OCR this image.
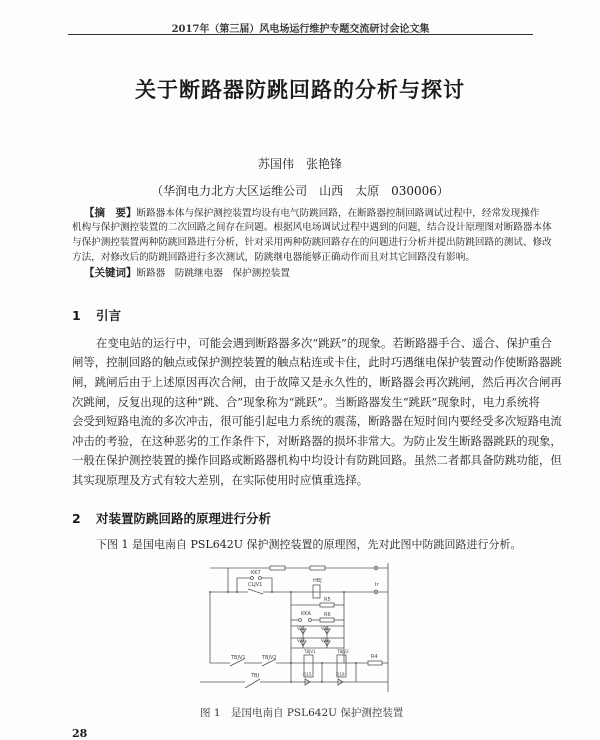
2017年（第三届）风电场运行维护专题交流研讨会论文集
关于断路器防跳回路的分析与探讨
苏国伟　张艳锋
（华润电力北方大区运维公司　山西　太原　030006）
【摘　要】断路器本体与保护测控装置均设有电气防跳回路，在断路器控制回路调试过程中，经常发现操作
机构与保护测控装置的二次回路之间存在问题。根据风电场调试过程中遇到的问题，结合设计原理图对断路器本体
与保护测控装置两种防跳回路进行分析，针对采用两种防跳回路存在的问题进行分析并提出防跳回路的测试、修改
方法，对修改后的防跳回路进行多次测试，防跳继电器能够正确动作而且对其它回路没有影响。
【关键词】断路器　防跳继电器　保护测控装置
1 引言
在变电站的运行中，可能会遇到断路器多次“跳跃”的现象。若断路器手合、遥合、保护重合
闸等，控制回路的触点或保护测控装置的触点粘连或卡住，此时巧遇继电保护装置动作使断路器跳
闸，跳闸后由于上述原因再次合闸，由于故障又是永久性的，断路器会再次跳闸，然后再次合闸再
次跳闸，反复出现的这种“跳、合”现象称为“跳跃”。当断路器发生“跳跃”现象时，电力系统将
会受到短路电流的多次冲击，很可能引起电力系统的震荡，断路器在短时间内要经受多次短路电流
冲击的考验，在这种恶劣的工作条件下，对断路器的损坏非常大。为防止发生断路器跳跃的现象，
一般在保护测控装置的操作回路或断路器机构中均设计有防跳回路。虽然二者都具备防跳功能，但
其实现原理及方式有较大差别，在实际使用时应慎重选择。
2 对装置防跳回路的原理进行分析
下图 1 是国电南自 PSL642U 保护测控装置的原理图，先对此图中防跳回路进行分析。
KK7
CLJV1
HBJ
Ir
R5
KKA	R6
V35	V36
V37	V38
TBJV1	TBJV2
TBJV1	TBJV2
R4
TBJ	FJ15	FJ19
图 1　是国电南自 PSL642U 保护测控装置
28
